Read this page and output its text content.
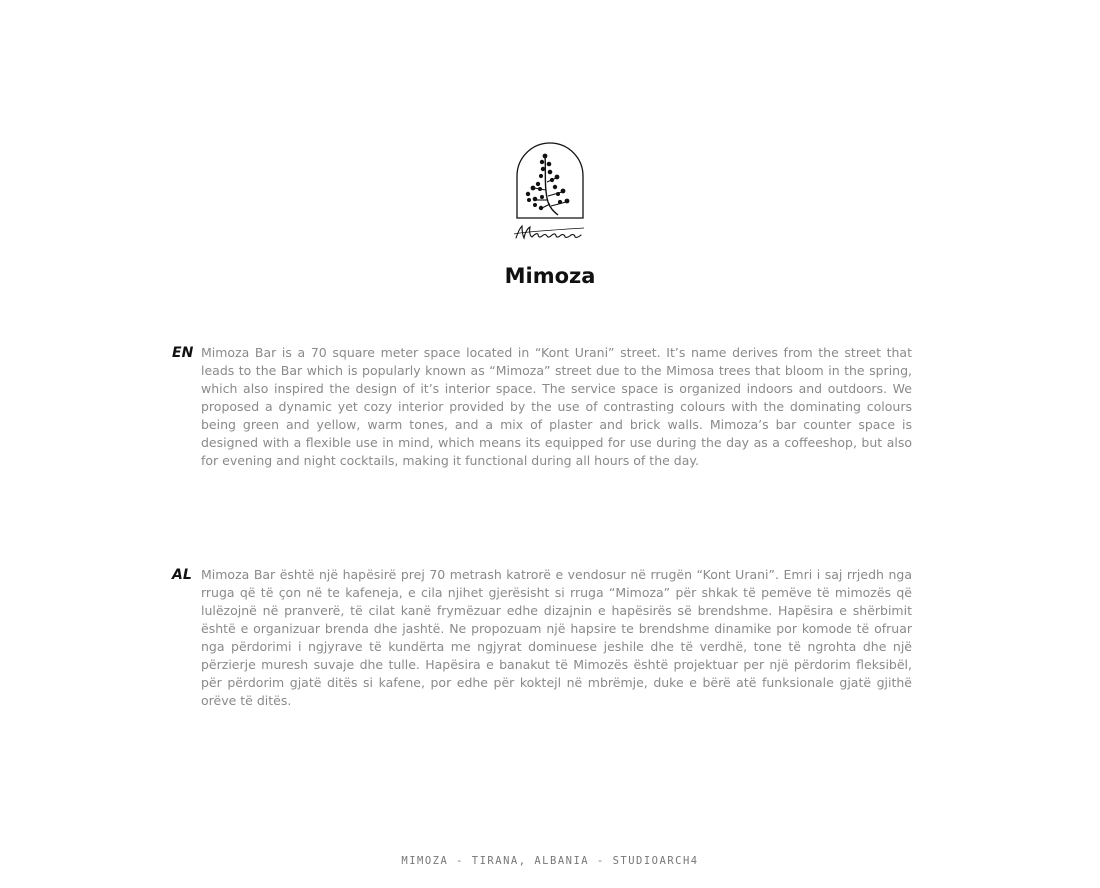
Mimoza
EN Mimoza Bar is a 70 square meter space located in “Kont Urani” street. It’s name derives from the street that leads to the Bar which is popularly known as “Mimoza” street due to the Mimosa trees that bloom in the spring, which also inspired the design of it’s interior space. The service space is organized indoors and outdoors. We proposed a dynamic yet cozy interior provided by the use of contrasting colours with the dominating colours being green and yellow, warm tones, and a mix of plaster and brick walls. Mimoza’s bar counter space is designed with a flexible use in mind, which means its equipped for use during the day as a coffeeshop, but also for evening and night cocktails, making it functional during all hours of the day.

AL Mimoza Bar është një hapësirë prej 70 metrash katrorë e vendosur në rrugën “Kont Urani”. Emri i saj rrjedh nga rruga që të çon në te kafeneja, e cila njihet gjerësisht si rruga “Mimoza” për shkak të pemëve të mimozës që lulëzojnë në pranverë, të cilat kanë frymëzuar edhe dizajnin e hapësirës së brendshme. Hapësira e shërbimit është e organizuar brenda dhe jashtë. Ne propozuam një hapsire te brendshme dinamike por komode të ofruar nga përdorimi i ngjyrave të kundërta me ngjyrat dominuese jeshile dhe të verdhë, tone të ngrohta dhe një përzierje muresh suvaje dhe tulle. Hapësira e banakut të Mimozës është projektuar per një përdorim fleksibël, për përdorim gjatë ditës si kafene, por edhe për koktejl në mbrëmje, duke e bërë atë funksionale gjatë gjithë orëve të ditës.

MIMOZA - TIRANA, ALBANIA - STUDIOARCH4
